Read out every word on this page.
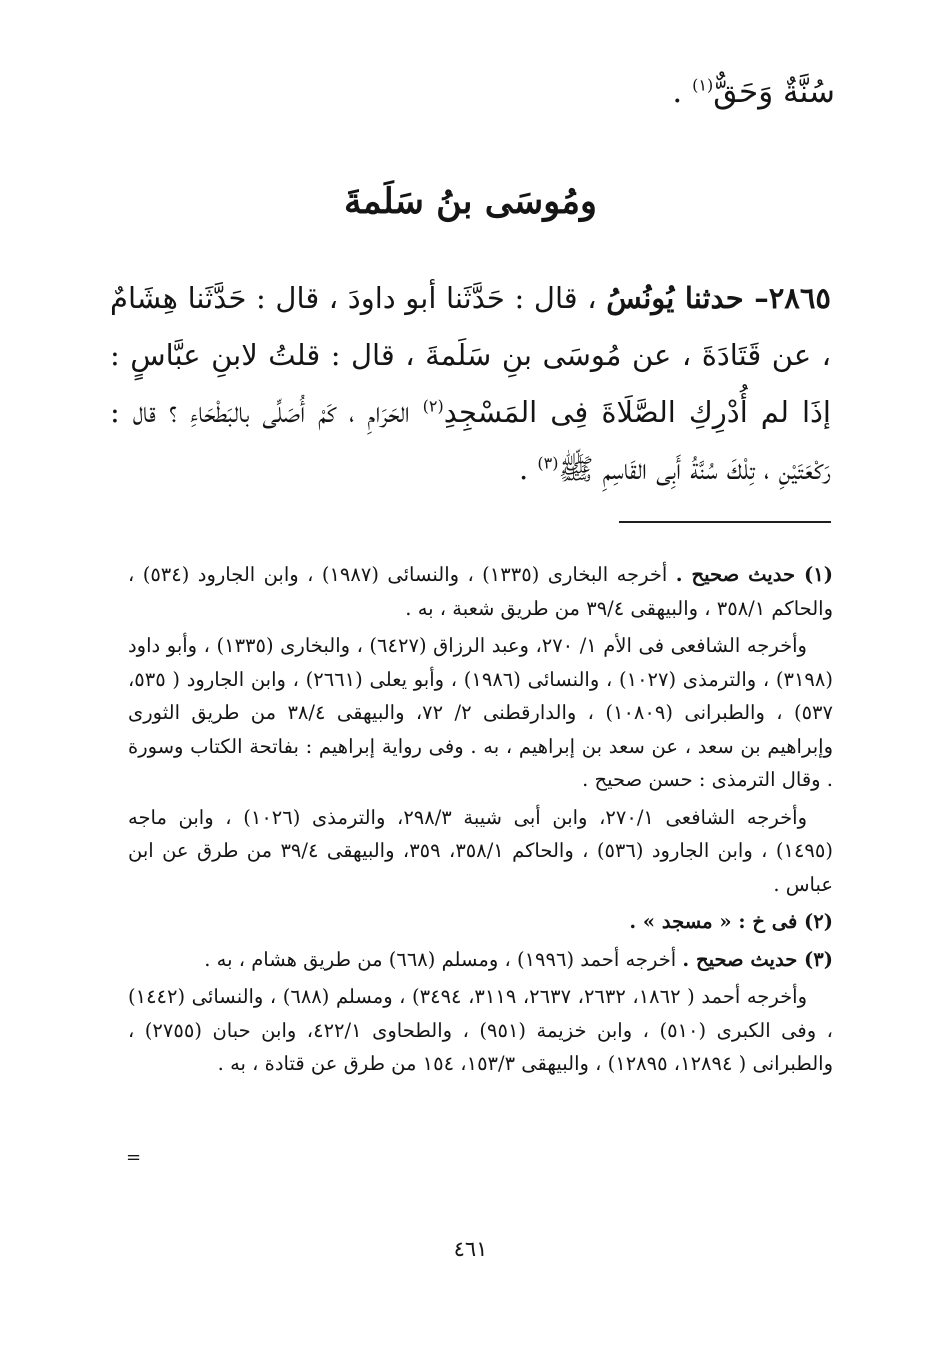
سُنَّةٌ وَحَقٌّ$^{(١)}$ .
ومُوسَى بنُ سَلَمةَ
٢٨٦٥– حدثنا يُونُسُ ، قال : حَدَّثَنا أبو داودَ ، قال : حَدَّثَنا هِشَامٌ ، عن قَتَادَةَ ، عن مُوسَى بنِ سَلَمةَ ، قال : قلتُ لابنِ عبَّاسٍ : إذَا لم أُدْرِكِ الصَّلَاةَ فِى المَسْجِدِ$^{(٢)}$ الحَرَامِ ، كَمْ أُصَلِّى بالبَطْحَاءِ ؟ قال : رَكْعَتَيْنِ ، تِلْكَ سُنَّةُ أَبِى القَاسِمِ ﷺ$^{(٣)}$ .

(١) حديث صحيح . أخرجه البخارى (١٣٣٥) ، والنسائى (١٩٨٧) ، وابن الجارود (٥٣٤) ، والحاكم ٣٥٨/١ ، والبيهقى ٣٩/٤ من طريق شعبة ، به .

وأخرجه الشافعى فى الأم ١/ ٢٧٠، وعبد الرزاق (٦٤٢٧) ، والبخارى (١٣٣٥) ، وأبو داود (٣١٩٨) ، والترمذى (١٠٢٧) ، والنسائى (١٩٨٦) ، وأبو يعلى (٢٦٦١) ، وابن الجارود ( ٥٣٥، ٥٣٧) ، والطبرانى (١٠٨٠٩) ، والدارقطنى ٢/ ٧٢، والبيهقى ٣٨/٤ من طريق الثورى وإبراهيم بن سعد ، عن سعد بن إبراهيم ، به . وفى رواية إبراهيم : بفاتحة الكتاب وسورة . وقال الترمذى : حسن صحيح .

وأخرجه الشافعى ٢٧٠/١، وابن أبى شيبة ٢٩٨/٣، والترمذى (١٠٢٦) ، وابن ماجه (١٤٩٥) ، وابن الجارود (٥٣٦) ، والحاكم ٣٥٨/١، ٣٥٩، والبيهقى ٣٩/٤ من طرق عن ابن عباس .

(٢) فى خ : « مسجد » .

(٣) حديث صحيح . أخرجه أحمد (١٩٩٦) ، ومسلم (٦٦٨) من طريق هشام ، به .

وأخرجه أحمد ( ١٨٦٢، ٢٦٣٢، ٢٦٣٧، ٣١١٩، ٣٤٩٤) ، ومسلم (٦٨٨) ، والنسائى (١٤٤٢) ، وفى الكبرى (٥١٠) ، وابن خزيمة (٩٥١) ، والطحاوى ٤٢٢/١، وابن حبان (٢٧٥٥) ، والطبرانى ( ١٢٨٩٤، ١٢٨٩٥) ، والبيهقى ١٥٣/٣، ١٥٤ من طرق عن قتادة ، به .

=
٤٦١
